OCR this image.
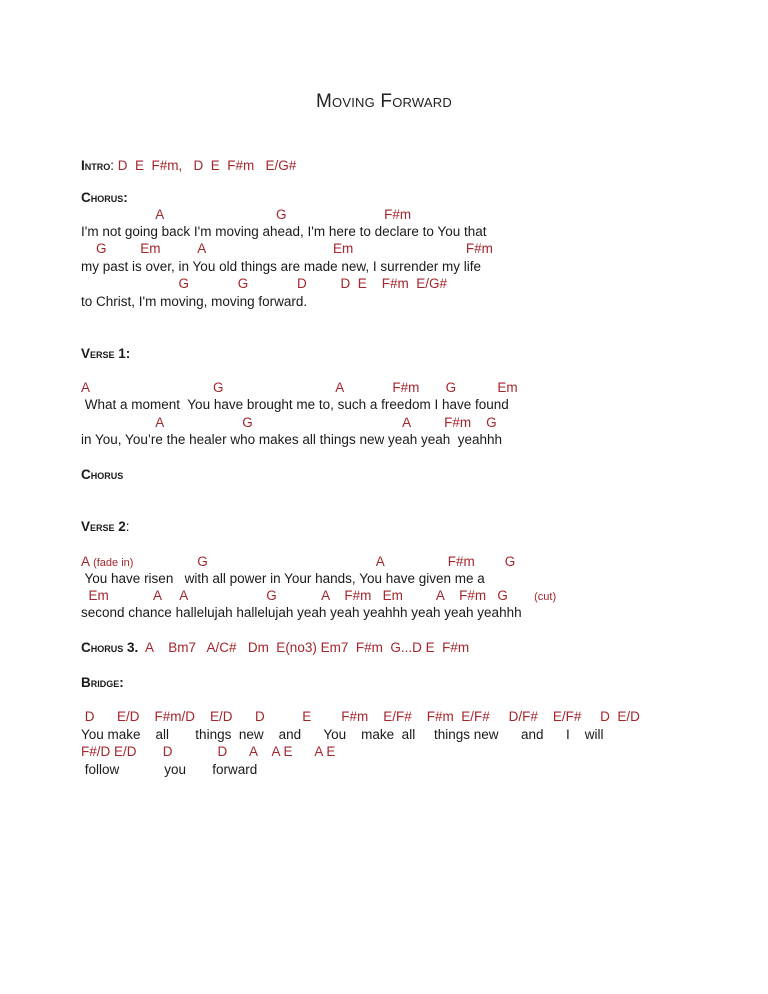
Moving Forward
Intro: D  E  F#m,   D  E  F#m   E/G#
Chorus:
A                              G                          F#m
I'm not going back I'm moving ahead, I'm here to declare to You that
G         Em          A                                  Em                              F#m
my past is over, in You old things are made new, I surrender my life
G             G             D         D  E    F#m  E/G#
to Christ, I'm moving, moving forward.
Verse 1:
A                                 G                              A             F#m       G           Em
What a moment  You have brought me to, such a freedom I have found
A                     G                                        A         F#m    G
in You, You’re the healer who makes all things new yeah yeah  yeahhh
Chorus
Verse 2:
A (fade in)                 G                                             A                 F#m        G
You have risen   with all power in Your hands, You have given me a
Em            A     A                     G            A    F#m   Em         A    F#m   G       (cut)
second chance hallelujah hallelujah yeah yeah yeahhh yeah yeah yeahhh
Chorus 3.  A    Bm7   A/C#   Dm  E(no3) Em7  F#m  G...D E  F#m
Bridge:
D      E/D    F#m/D    E/D      D          E        F#m    E/F#    F#m  E/F#     D/F#    E/F#     D  E/D
You make    all       things  new    and      You    make  all     things new      and      I    will
F#/D E/D       D            D      A    A E      A E
follow            you       forward
